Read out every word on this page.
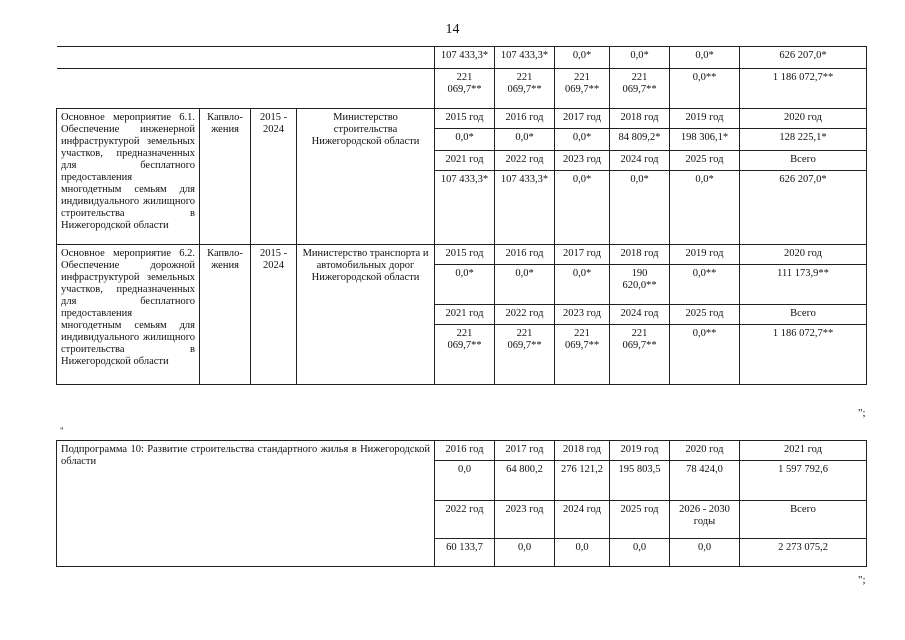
14
				107 433,3*	107 433,3*	0,0*	0,0*	0,0*	626 207,0*
				221 069,7**	221 069,7**	221 069,7**	221 069,7**	0,0**	1 186 072,7**
Основное мероприятие 6.1. Обеспечение инженерной инфраструктурой земельных участков, предназначенных для бесплатного предоставления многодетным семьям для индивидуального жилищного строительства в Нижегородской области	Капвло-жения	2015 - 2024	Министерство строительства Нижегородской области	2015 год	2016 год	2017 год	2018 год	2019 год	2020 год
				0,0*	0,0*	0,0*	84 809,2*	198 306,1*	128 225,1*
				2021 год	2022 год	2023 год	2024 год	2025 год	Всего
				107 433,3*	107 433,3*	0,0*	0,0*	0,0*	626 207,0*
Основное мероприятие 6.2. Обеспечение дорожной инфраструктурой земельных участков, предназначенных для бесплатного предоставления многодетным семьям для индивидуального жилищного строительства в Нижегородской области	Капвло-жения	2015 - 2024	Министерство транспорта и автомобильных дорог Нижегородской области	2015 год	2016 год	2017 год	2018 год	2019 год	2020 год
				0,0*	0,0*	0,0*	190 620,0**	0,0**	111 173,9**
				2021 год	2022 год	2023 год	2024 год	2025 год	Всего
				221 069,7**	221 069,7**	221 069,7**	221 069,7**	0,0**	1 186 072,7**
";
"
Подпрограмма 10: Развитие строительства стандартного жилья в Нижегородской области	2016 год	2017 год	2018 год	2019 год	2020 год	2021 год
	0,0	64 800,2	276 121,2	195 803,5	78 424,0	1 597 792,6
	2022 год	2023 год	2024 год	2025 год	2026 - 2030 годы	Всего
	60 133,7	0,0	0,0	0,0	0,0	2 273 075,2
";
